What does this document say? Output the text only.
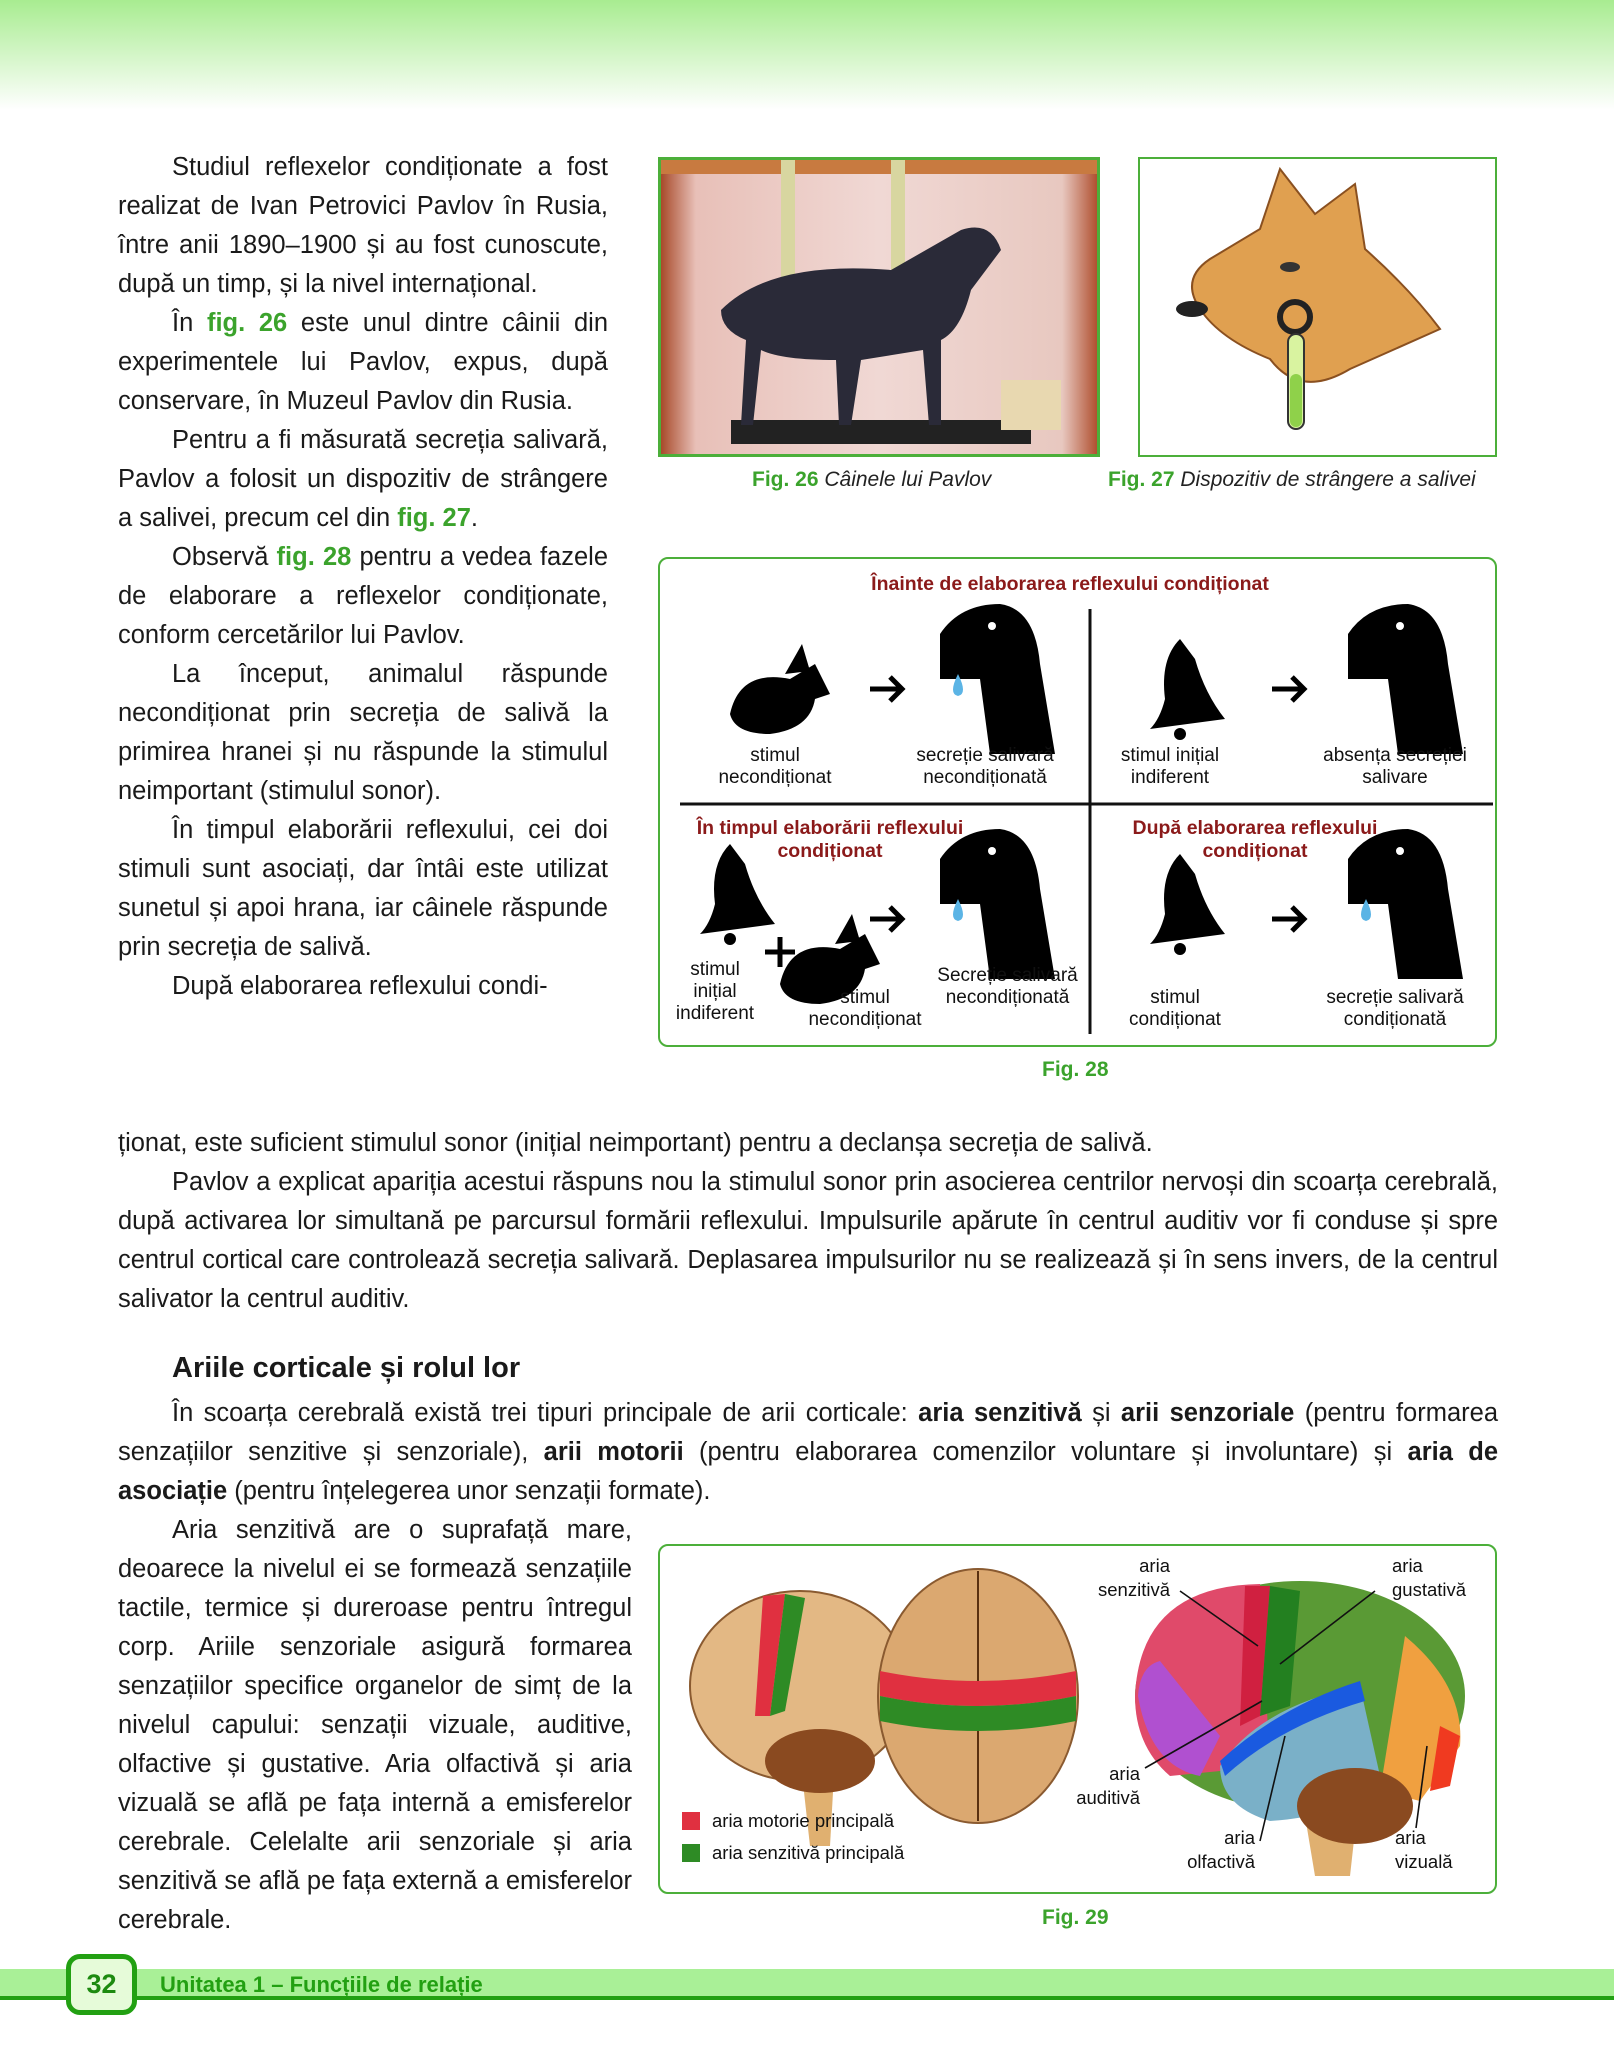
Studiul reflexelor condiționate a fost realizat de Ivan Petrovici Pavlov în Rusia, între anii 1890–1900 și au fost cunoscute, după un timp, și la nivel internațional.

În fig. 26 este unul dintre câinii din experimentele lui Pavlov, expus, după conservare, în Muzeul Pavlov din Rusia.

Pentru a fi măsurată secreția salivară, Pavlov a folosit un dispozitiv de strângere a salivei, precum cel din fig. 27.

Observă fig. 28 pentru a vedea fazele de elaborare a reflexelor condiționate, conform cercetărilor lui Pavlov.

La început, animalul răspunde necondiționat prin secreția de salivă la primirea hranei și nu răspunde la stimulul neimportant (stimulul sonor).

În timpul elaborării reflexului, cei doi stimuli sunt asociați, dar întâi este utilizat sunetul și apoi hrana, iar câinele răspunde prin secreția de salivă.

După elaborarea reflexului condi-

ționat, este suficient stimulul sonor (inițial neimportant) pentru a declanșa secreția de salivă.

Pavlov a explicat apariția acestui răspuns nou la stimulul sonor prin asocierea centrilor nervoși din scoarța cerebrală, după activarea lor simultană pe parcursul formării reflexului. Impulsurile apărute în centrul auditiv vor fi conduse și spre centrul cortical care controlează secreția salivară. Deplasarea impulsurilor nu se realizează și în sens invers, de la centrul salivator la centrul auditiv.

Ariile corticale și rolul lor

În scoarța cerebrală există trei tipuri principale de arii corticale: aria senzitivă și arii senzoriale (pentru formarea senzațiilor senzitive și senzoriale), arii motorii (pentru elaborarea comenzilor voluntare și involuntare) și aria de asociație (pentru înțelegerea unor senzații formate).

Aria senzitivă are o suprafață mare, deoarece la nivelul ei se formează senzațiile tactile, termice și dureroase pentru întregul corp. Ariile senzoriale asigură formarea senzațiilor specifice organelor de simț de la nivelul capului: senzații vizuale, auditive, olfactive și gustative. Aria olfactivă și aria vizuală se află pe fața internă a emisferelor cerebrale. Celelalte arii senzoriale și aria senzitivă se află pe fața externă a emisferelor cerebrale.

Fig. 26 Câinele lui Pavlov	Fig. 27 Dispozitiv de strângere a salivei
Înainte de elaborarea reflexului condiționat
În timpul elaborării reflexului condiționat
După elaborarea reflexului condiționat
stimul necondiționat
secreție salivară necondiționată
stimul inițial indiferent
absența secreției salivare
stimul inițial indiferent
stimul necondiționat
Secreție salivară necondiționată	stimul condiționat
secreție salivară condiționată
Fig. 28
aria motorie principală
aria senzitivă principală
aria senzitivă
aria gustativă
aria auditivă
aria olfactivă
aria vizuală
Fig. 29
32	Unitatea 1 – Funcțiile de relație
